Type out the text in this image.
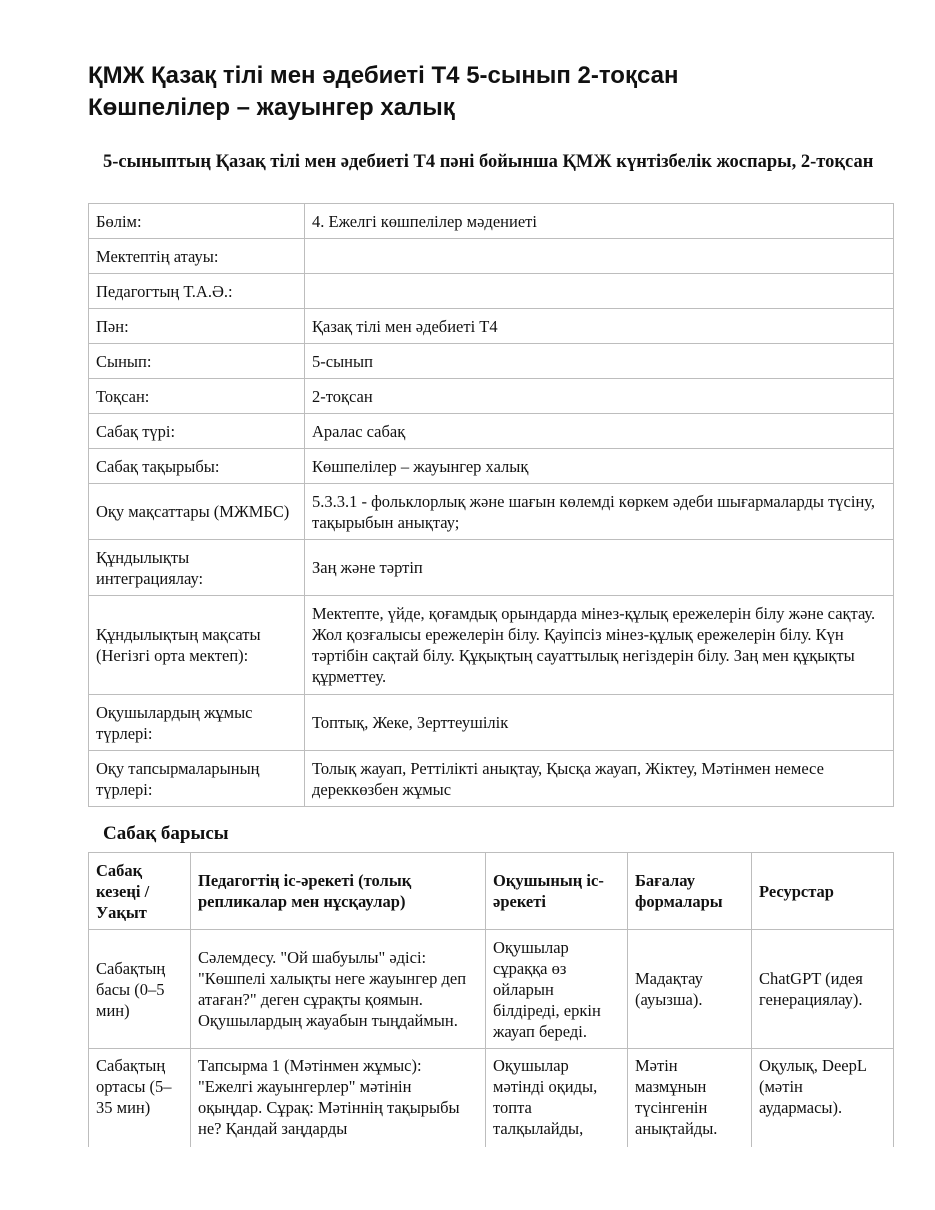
ҚМЖ Қазақ тілі мен әдебиеті Т4 5-сынып 2-тоқсан
Көшпелілер – жауынгер халық
5-сыныптың Қазақ тілі мен әдебиеті Т4 пәні бойынша ҚМЖ күнтізбелік жоспары, 2-тоқсан
Бөлім:	4. Ежелгі көшпелілер мәдениеті
Мектептің атауы:	
Педагогтың Т.А.Ә.:	
Пән:	Қазақ тілі мен әдебиеті Т4
Сынып:	5-сынып
Тоқсан:	2-тоқсан
Сабақ түрі:	Аралас сабақ
Сабақ тақырыбы:	Көшпелілер – жауынгер халық
Оқу мақсаттары (МЖМБС)	5.3.3.1 - фольклорлық және шағын көлемді көркем әдеби шығармаларды түсіну, тақырыбын анықтау;
Құндылықты интеграциялау:	Заң және тәртіп
Құндылықтың мақсаты (Негізгі орта мектеп):	Мектепте, үйде, қоғамдық орындарда мінез-құлық ережелерін білу және сақтау. Жол қозғалысы ережелерін білу. Қауіпсіз мінез-құлық ережелерін білу. Күн тәртібін сақтай білу. Құқықтың сауаттылық негіздерін білу. Заң мен құқықты құрметтеу.
Оқушылардың жұмыс түрлері:	Топтық, Жеке, Зерттеушілік
Оқу тапсырмаларының түрлері:	Толық жауап, Реттілікті анықтау, Қысқа жауап, Жіктеу, Мәтінмен немесе дереккөзбен жұмыс
Сабақ барысы
Сабақ кезеңі / Уақыт	Педагогтің іс-әрекеті (толық репликалар мен нұсқаулар)	Оқушының іс-әрекеті	Бағалау формалары	Ресурстар
Сабақтың басы (0–5 мин)	Сәлемдесу. "Ой шабуылы" әдісі: "Көшпелі халықты неге жауынгер деп атаған?" деген сұрақты қоямын. Оқушылардың жауабын тыңдаймын.	Оқушылар сұраққа өз ойларын білдіреді, еркін жауап береді.	Мадақтау (ауызша).	ChatGPT (идея генерациялау).
Сабақтың ортасы (5–35 мин)	Тапсырма 1 (Мәтінмен жұмыс): "Ежелгі жауынгерлер" мәтінін оқыңдар. Сұрақ: Мәтіннің тақырыбы не? Қандай заңдарды	Оқушылар мәтінді оқиды, топта талқылайды,	Мәтін мазмұнын түсінгенін анықтайды.	Оқулық, DeepL (мәтін аудармасы).
